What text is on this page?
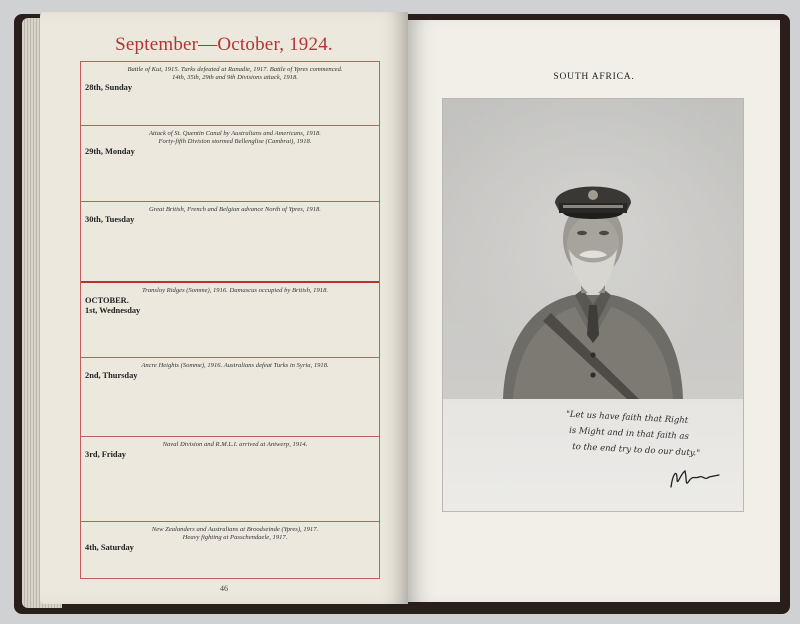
September—October, 1924.
Battle of Kut, 1915. Turks defeated at Ranadie, 1917. Battle of Ypres commenced.
14th, 35th, 29th and 9th Divisions attack, 1918.
28th, Sunday
Attack of St. Quentin Canal by Australians and Americans, 1918.
Forty-fifth Division stormed Bellenglise (Cambrai), 1918.
29th, Monday
Great British, French and Belgian advance North of Ypres, 1918.
30th, Tuesday
Transloy Ridges (Somme), 1916. Damascus occupied by British, 1918.
OCTOBER.
1st, Wednesday
Ancre Heights (Somme), 1916. Australians defeat Turks in Syria, 1918.
2nd, Thursday
Naval Division and R.M.L.I. arrived at Antwerp, 1914.
3rd, Friday
New Zealanders and Australians at Broodseinde (Ypres), 1917.
Heavy fighting at Passchendaele, 1917.
4th, Saturday
46
SOUTH AFRICA.
"Let us have faith that Right
is Might and in that faith as
to the end try to do our duty."
